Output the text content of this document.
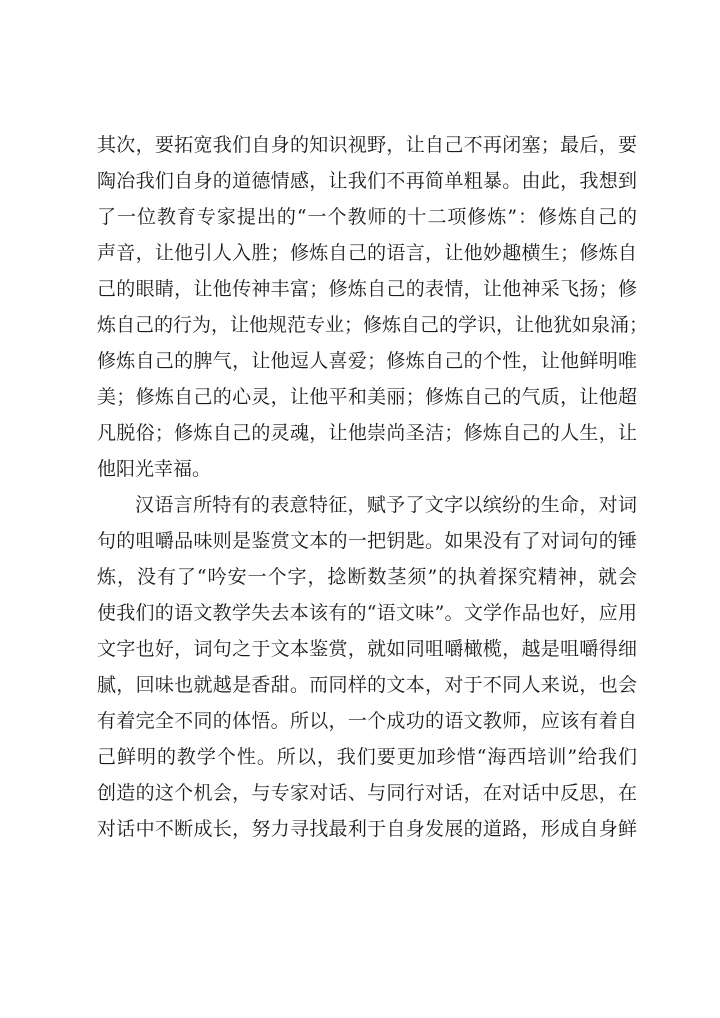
其次，要拓宽我们自身的知识视野，让自己不再闭塞；最后，要
陶冶我们自身的道德情感，让我们不再简单粗暴。由此，我想到
了一位教育专家提出的“一个教师的十二项修炼”：修炼自己的
声音，让他引人入胜；修炼自己的语言，让他妙趣横生；修炼自
己的眼睛，让他传神丰富；修炼自己的表情，让他神采飞扬；修
炼自己的行为，让他规范专业；修炼自己的学识，让他犹如泉涌；
修炼自己的脾气，让他逗人喜爱；修炼自己的个性，让他鲜明唯
美；修炼自己的心灵，让他平和美丽；修炼自己的气质，让他超
凡脱俗；修炼自己的灵魂，让他崇尚圣洁；修炼自己的人生，让
他阳光幸福。
汉语言所特有的表意特征，赋予了文字以缤纷的生命，对词
句的咀嚼品味则是鉴赏文本的一把钥匙。如果没有了对词句的锤
炼，没有了“吟安一个字，捻断数茎须”的执着探究精神，就会
使我们的语文教学失去本该有的“语文味”。文学作品也好，应用
文字也好，词句之于文本鉴赏，就如同咀嚼橄榄，越是咀嚼得细
腻，回味也就越是香甜。而同样的文本，对于不同人来说，也会
有着完全不同的体悟。所以，一个成功的语文教师，应该有着自
己鲜明的教学个性。所以，我们要更加珍惜“海西培训”给我们
创造的这个机会，与专家对话、与同行对话，在对话中反思，在
对话中不断成长，努力寻找最利于自身发展的道路，形成自身鲜
